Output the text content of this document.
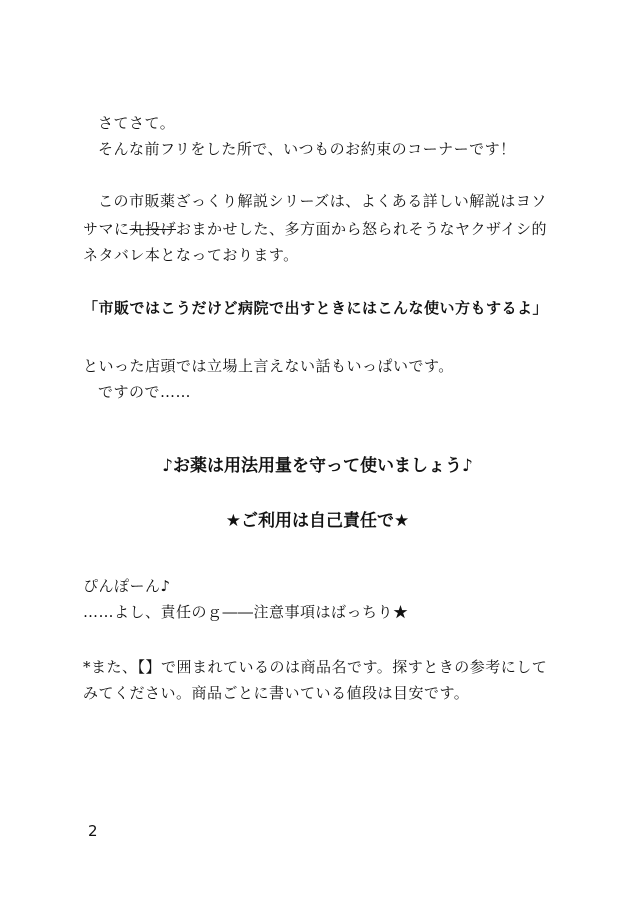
さてさて。
そんな前フリをした所で、いつものお約束のコーナーです！
この市販薬ざっくり解説シリーズは、よくある詳しい解説はヨソ
サマに丸投げおまかせした、多方面から怒られそうなヤクザイシ的
ネタバレ本となっております。
「市販ではこうだけど病院で出すときにはこんな使い方もするよ」
といった店頭では立場上言えない話もいっぱいです。
ですので……
♪お薬は用法用量を守って使いましょう♪
★ご利用は自己責任で★
ぴんぽーん♪
……よし、責任のｇ――注意事項はばっちり★
*また、【】で囲まれているのは商品名です。探すときの参考にして
みてください。商品ごとに書いている値段は目安です。
2
